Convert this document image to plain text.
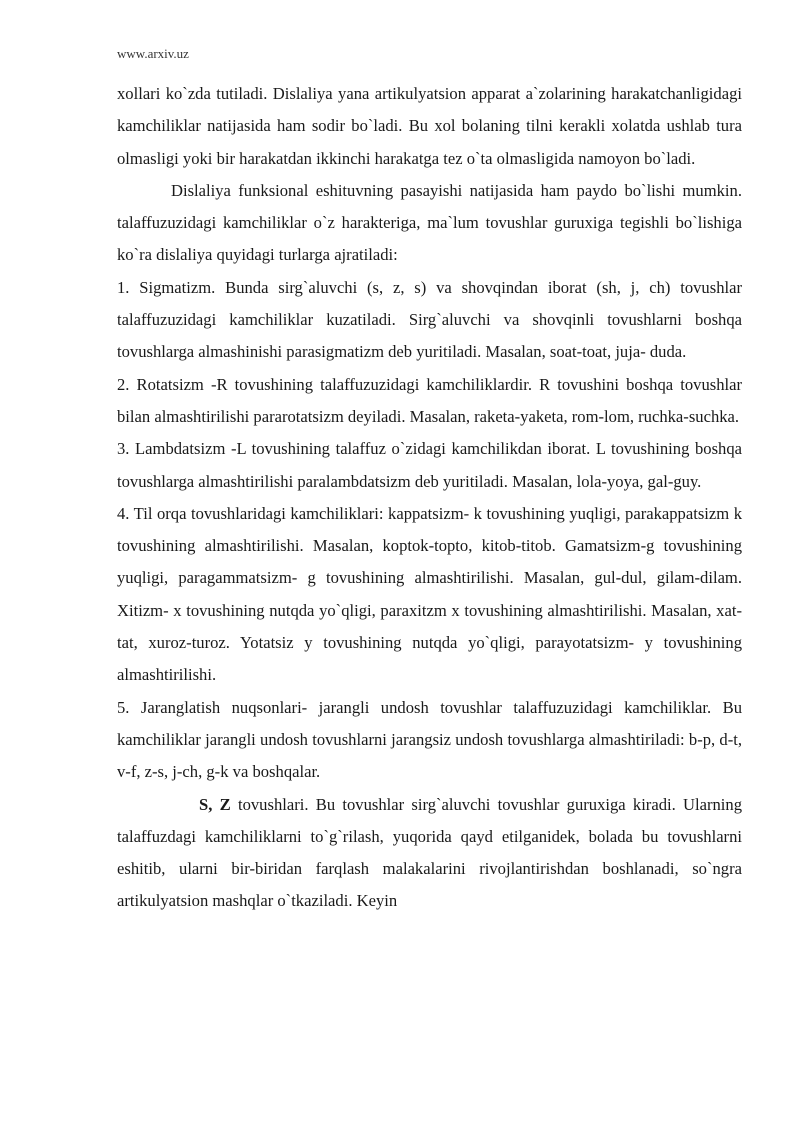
www.arxiv.uz

xollari ko`zda tutiladi. Dislaliya yana artikulyatsion apparat a`zolarining harakatchanligidagi kamchiliklar natijasida ham sodir bo`ladi. Bu xol bolaning tilni kerakli xolatda ushlab tura olmasligi yoki bir harakatdan ikkinchi harakatga tez o`ta olmasligida namoyon bo`ladi.

Dislaliya funksional eshituvning pasayishi natijasida ham paydo bo`lishi mumkin. talaffuzuzidagi kamchiliklar o`z harakteriga, ma`lum tovushlar guruxiga tegishli bo`lishiga ko`ra dislaliya quyidagi turlarga ajratiladi:

1. Sigmatizm. Bunda sirg`aluvchi (s, z, s) va shovqindan iborat (sh, j, ch) tovushlar talaffuzuzidagi kamchiliklar kuzatiladi. Sirg`aluvchi va shovqinli tovushlarni boshqa tovushlarga almashinishi parasigmatizm deb yuritiladi. Masalan, soat-toat, juja- duda.

2. Rotatsizm -R tovushining talaffuzuzidagi kamchiliklardir. R tovushini boshqa tovushlar bilan almashtirilishi pararotatsizm deyiladi. Masalan, raketa-yaketa, rom-lom, ruchka-suchka.

3. Lambdatsizm -L tovushining talaffuz o`zidagi kamchilikdan iborat. L tovushining boshqa tovushlarga almashtirilishi paralambdatsizm deb yuritiladi. Masalan, lola-yoya, gal-guy.

4. Til orqa tovushlaridagi kamchiliklari: kappatsizm- k tovushining yuqligi, parakappatsizm k tovushining almashtirilishi. Masalan, koptok-topto, kitob-titob. Gamatsizm-g tovushining yuqligi, paragammatsizm- g tovushining almashtirilishi. Masalan, gul-dul, gilam-dilam. Xitizm- x tovushining nutqda yo`qligi, paraxitzm x tovushining almashtirilishi. Masalan, xat-tat, xuroz-turoz. Yotatsiz y tovushining nutqda yo`qligi, parayotatsizm- y tovushining almashtirilishi.

5. Jaranglatish nuqsonlari- jarangli undosh tovushlar talaffuzuzidagi kamchiliklar. Bu kamchiliklar jarangli undosh tovushlarni jarangsiz undosh tovushlarga almashtiriladi: b-p, d-t, v-f, z-s, j-ch, g-k va boshqalar.

S, Z tovushlari. Bu tovushlar sirg`aluvchi tovushlar guruxiga kiradi. Ularning talaffuzdagi kamchiliklarni to`g`rilash, yuqorida qayd etilganidek, bolada bu tovushlarni eshitib, ularni bir-biridan farqlash malakalarini rivojlantirishdan boshlanadi, so`ngra artikulyatsion mashqlar o`tkaziladi. Keyin
